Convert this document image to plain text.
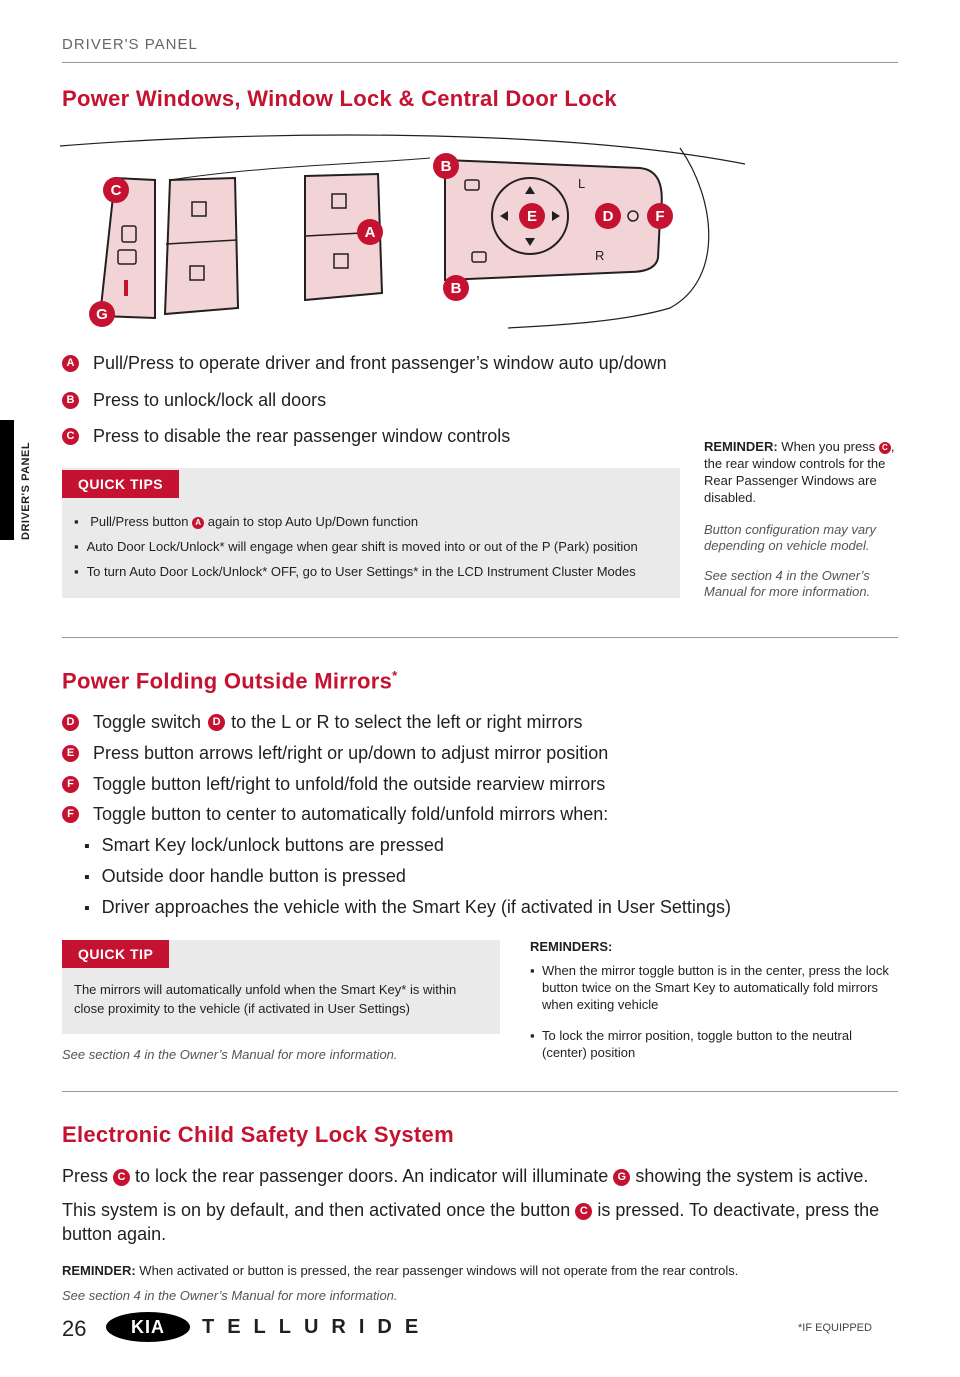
DRIVER'S PANEL
DRIVER'S PANEL
Power Windows, Window Lock & Central Door Lock
L
R
C
G
A
B
B
E	D	F
A Pull/Press to operate driver and front passenger’s window auto up/down
B Press to unlock/lock all doors
C Press to disable the rear passenger window controls
QUICK TIPS
▪ Pull/Press button A again to stop Auto Up/Down function
▪ Auto Door Lock/Unlock* will engage when gear shift is moved into or out of the P (Park) position
▪ To turn Auto Door Lock/Unlock* OFF, go to User Settings* in the LCD Instrument Cluster Modes
REMINDER: When you press C , the rear window controls for the Rear Passenger Windows are disabled.
Button configuration may vary depending on vehicle model.
See section 4 in the Owner’s Manual for more information.
Power Folding Outside Mirrors*
D Toggle switch
	D to the L or R to select the left or right mirrors
E Press button arrows left/right or up/down to adjust mirror position
F Toggle button left/right to unfold/fold the outside rearview mirrors
F Toggle button to center to automatically fold/unfold mirrors when:
▪ Smart Key lock/unlock buttons are pressed
▪ Outside door handle button is pressed
▪ Driver approaches the vehicle with the Smart Key (if activated in User Settings)
QUICK TIP
The mirrors will automatically unfold when the Smart Key* is within close proximity to the vehicle (if activated in User Settings)
See section 4 in the Owner’s Manual for more information.
REMINDERS:
▪ When the mirror toggle button is in the center, press the lock button twice on the Smart Key to automatically fold mirrors when exiting vehicle
▪ To lock the mirror position, toggle button to the neutral (center) position
Electronic Child Safety Lock System
Press C to lock the rear passenger doors. An indicator will illuminate G showing the system is active.
This system is on by default, and then activated once the button C is pressed. To deactivate, press the button again.
REMINDER: When activated or button is pressed, the rear passenger windows will not operate from the rear controls.
See section 4 in the Owner’s Manual for more information.
26	KIA	TELLURIDE	*IF EQUIPPED
